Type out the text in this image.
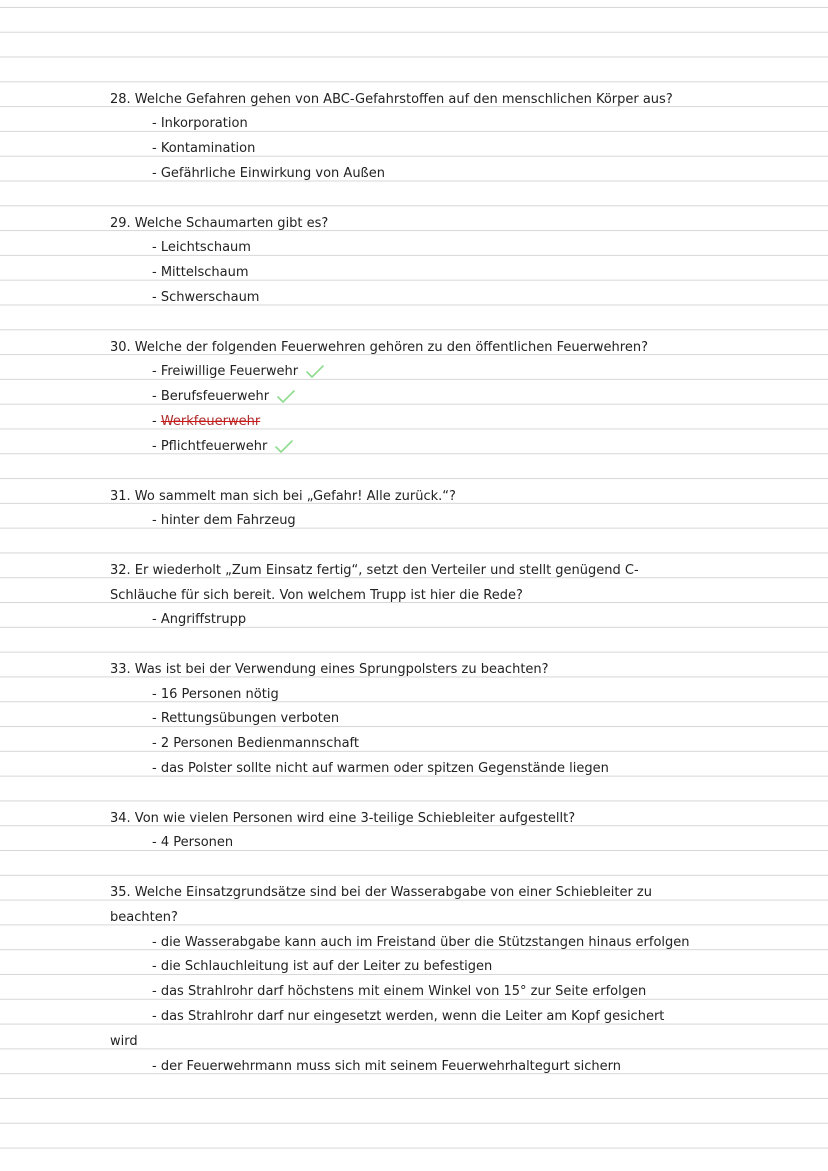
28. Welche Gefahren gehen von ABC-Gefahrstoffen auf den menschlichen Körper aus?
- Inkorporation
- Kontamination
- Gefährliche Einwirkung von Außen
29. Welche Schaumarten gibt es?
- Leichtschaum
- Mittelschaum
- Schwerschaum
30. Welche der folgenden Feuerwehren gehören zu den öffentlichen Feuerwehren?
- Freiwillige Feuerwehr
- Berufsfeuerwehr
- Werkfeuerwehr
- Pflichtfeuerwehr
31. Wo sammelt man sich bei „Gefahr! Alle zurück.“?
- hinter dem Fahrzeug
32. Er wiederholt „Zum Einsatz fertig“, setzt den Verteiler und stellt genügend C-
Schläuche für sich bereit. Von welchem Trupp ist hier die Rede?
- Angriffstrupp
33. Was ist bei der Verwendung eines Sprungpolsters zu beachten?
- 16 Personen nötig
- Rettungsübungen verboten
- 2 Personen Bedienmannschaft
- das Polster sollte nicht auf warmen oder spitzen Gegenstände liegen
34. Von wie vielen Personen wird eine 3-teilige Schiebleiter aufgestellt?
- 4 Personen
35. Welche Einsatzgrundsätze sind bei der Wasserabgabe von einer Schiebleiter zu
beachten?
- die Wasserabgabe kann auch im Freistand über die Stützstangen hinaus erfolgen
- die Schlauchleitung ist auf der Leiter zu befestigen
- das Strahlrohr darf höchstens mit einem Winkel von 15° zur Seite erfolgen
- das Strahlrohr darf nur eingesetzt werden, wenn die Leiter am Kopf gesichert
wird
- der Feuerwehrmann muss sich mit seinem Feuerwehrhaltegurt sichern
